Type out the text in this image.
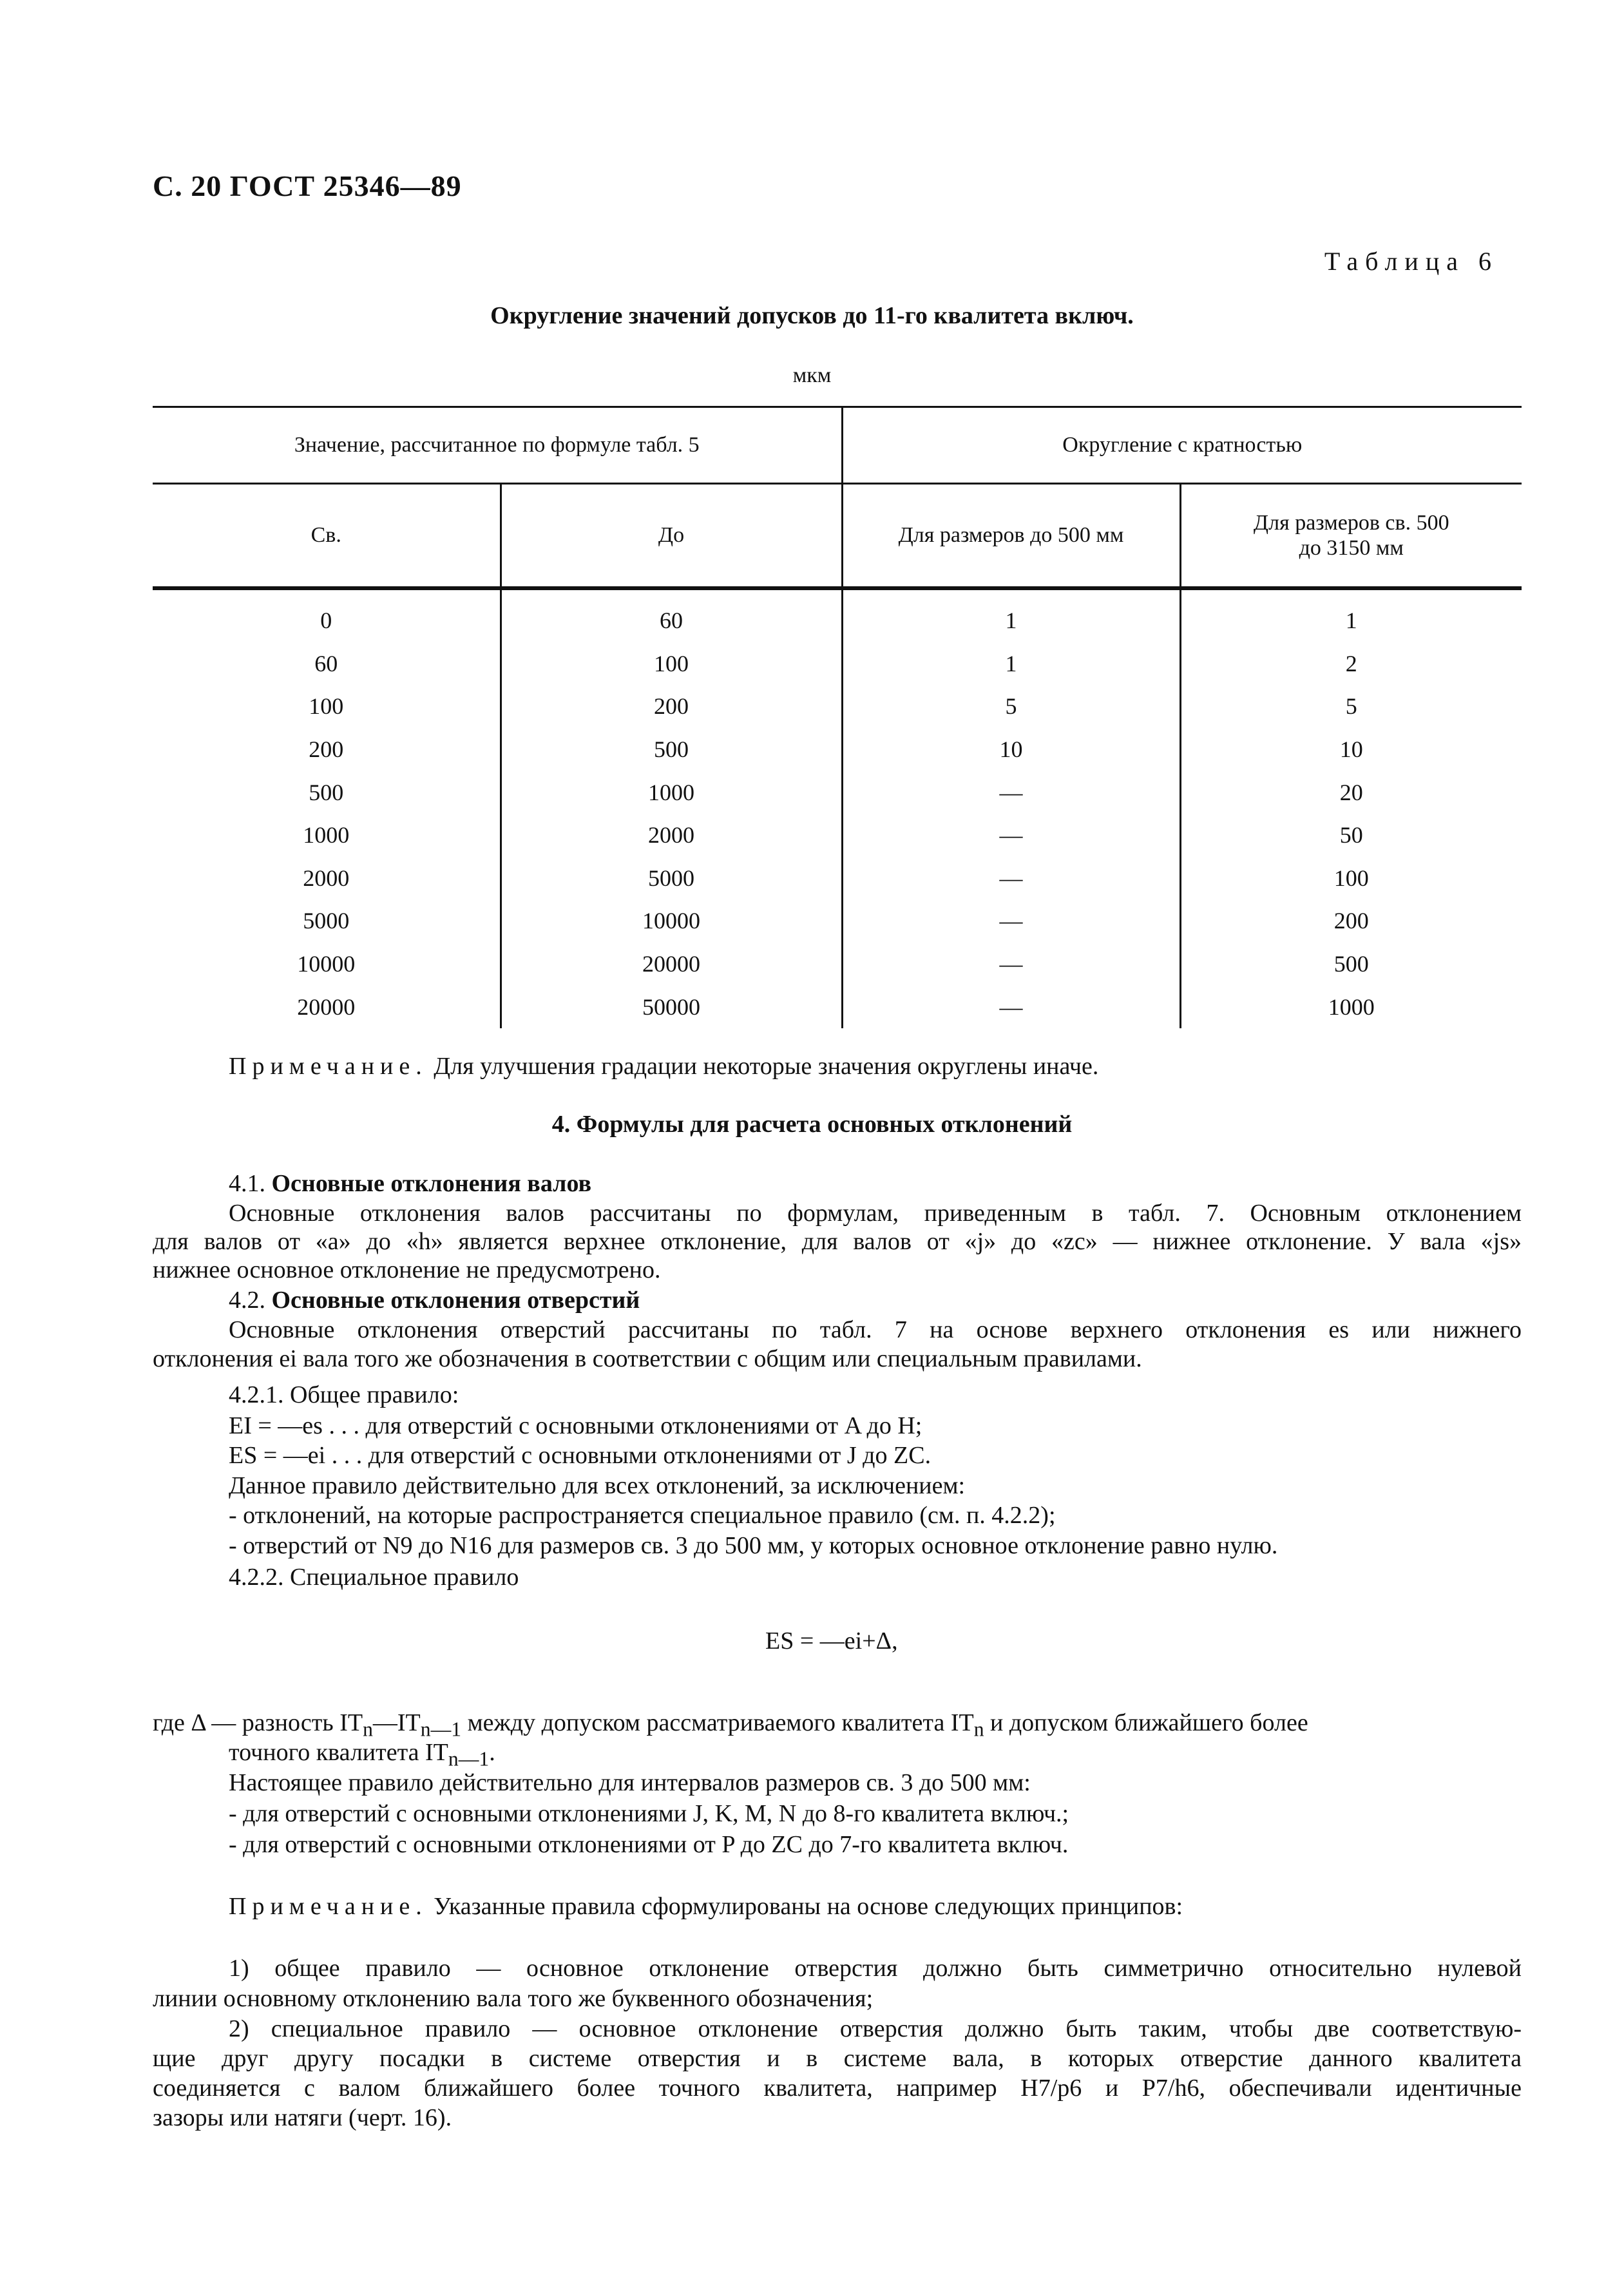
С. 20 ГОСТ 25346—89
Таблица 6
Округление значений допусков до 11-го квалитета включ.
мкм
Значение, рассчитанное по формуле табл. 5		Округление с кратностью	
Св.	До	Для размеров до 500 мм	Для размеров св. 500
до 3150 мм
0	60	1	1
60	100	1	2
100	200	5	5
200	500	10	10
500	1000	—	20
1000	2000	—	50
2000	5000	—	100
5000	10000	—	200
10000	20000	—	500
20000	50000	—	1000
Примечание. Для улучшения градации некоторые значения округлены иначе.
4. Формулы для расчета основных отклонений
4.1. Основные отклонения валов
Основные отклонения валов рассчитаны по формулам, приведенным в табл. 7. Основным отклонением
для валов от «a» до «h» является верхнее отклонение, для валов от «j» до «zc» — нижнее отклонение. У вала «js»
нижнее основное отклонение не предусмотрено.
4.2. Основные отклонения отверстий
Основные отклонения отверстий рассчитаны по табл. 7 на основе верхнего отклонения es или нижнего
отклонения ei вала того же обозначения в соответствии с общим или специальным правилами.
4.2.1. Общее правило:
EI = —es . . . для отверстий с основными отклонениями от A до H;
ES = —ei . . . для отверстий с основными отклонениями от J до ZC.
Данное правило действительно для всех отклонений, за исключением:
- отклонений, на которые распространяется специальное правило (см. п. 4.2.2);
- отверстий от N9 до N16 для размеров св. 3 до 500 мм, у которых основное отклонение равно нулю.
4.2.2. Специальное правило
ES = —ei+Δ,
где Δ — разность $IT_n—IT_{n—1}$ между допуском рассматриваемого квалитета $IT_n$ и допуском ближайшего более
точного квалитета $IT_{n—1}$.
Настоящее правило действительно для интервалов размеров св. 3 до 500 мм:
- для отверстий с основными отклонениями J, K, M, N до 8-го квалитета включ.;
- для отверстий с основными отклонениями от P до ZC до 7-го квалитета включ.
Примечание. Указанные правила сформулированы на основе следующих принципов:
1) общее правило — основное отклонение отверстия должно быть симметрично относительно нулевой
линии основному отклонению вала того же буквенного обозначения;
2) специальное правило — основное отклонение отверстия должно быть таким, чтобы две соответствую-
щие друг другу посадки в системе отверстия и в системе вала, в которых отверстие данного квалитета
соединяется с валом ближайшего более точного квалитета, например H7/p6 и P7/h6, обеспечивали идентичные
зазоры или натяги (черт. 16).
